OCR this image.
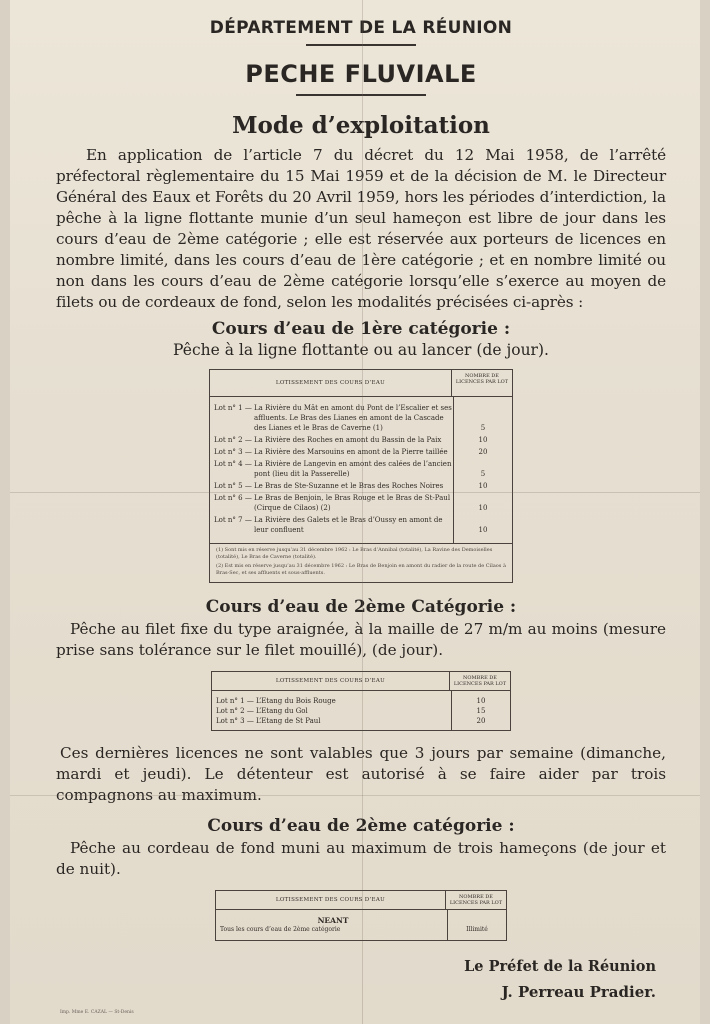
DÉPARTEMENT DE LA RÉUNION
PECHE FLUVIALE
Mode d’exploitation

En application de l’article 7 du décret du 12 Mai 1958, de l’arrêté préfectoral règlementaire du 15 Mai 1959 et de la décision de M. le Directeur Général des Eaux et Forêts du 20 Avril 1959, hors les périodes d’interdiction, la pêche à la ligne flottante munie d’un seul hameçon est libre de jour dans les cours d’eau de 2ème catégorie ; elle est réservée aux porteurs de licences en nombre limité, dans les cours d’eau de 1ère catégorie ; et en nombre limité ou non dans les cours d’eau de 2ème catégorie lorsqu’elle s’exerce au moyen de filets ou de cordeaux de fond, selon les modalités précisées ci-après :

Cours d’eau de 1ère catégorie :
Pêche à la ligne flottante ou au lancer (de jour).
LOTISSEMENT DES COURS D’EAU
NOMBRE DE LICENCES PAR LOT
Lot n° 1 — La Rivière du Mât en amont du Pont de l’Escalier et ses affluents. Le Bras des Lianes en amont de la Cascade des Lianes et le Bras de Caverne (1)	5
Lot n° 2 — La Rivière des Roches en amont du Bassin de la Paix	10
Lot n° 3 — La Rivière des Marsouins en amont de la Pierre taillée	20
Lot n° 4 — La Rivière de Langevin en amont des calées de l’ancien pont (lieu dit la Passerelle)	5
Lot n° 5 — Le Bras de Ste-Suzanne et le Bras des Roches Noires	10
Lot n° 6 — Le Bras de Benjoin, le Bras Rouge et le Bras de St-Paul (Cirque de Cilaos) (2)	10
Lot n° 7 — La Rivière des Galets et le Bras d’Oussy en amont de leur confluent	10
(1) Sont mis en réserve jusqu’au 31 décembre 1962 : Le Bras d’Annibal (totalité), La Ravine des Demoiselles (totalité), Le Bras de Caverne (totalité).
(2) Est mis en réserve jusqu’au 31 décembre 1962 : Le Bras de Benjoin en amont du radier de la route de Cilaos à Bras-Sec, et ses affluents et sous-affluents.
Cours d’eau de 2ème Catégorie :

Pêche au filet fixe du type araignée, à la maille de 27 m/m au moins (mesure prise sans tolérance sur le filet mouillé), (de jour).

LOTISSEMENT DES COURS D’EAU	NOMBRE DE LICENCES PAR LOT
Lot n° 1 — L’Etang du Bois Rouge	10
Lot n° 2 — L’Etang du Gol	15
Lot n° 3 — L’Etang de St Paul	20

Ces dernières licences ne sont valables que 3 jours par semaine (dimanche, mardi et jeudi). Le détenteur est autorisé à se faire aider par trois compagnons au maximum.

Cours d’eau de 2ème catégorie :

Pêche au cordeau de fond muni au maximum de trois hameçons (de jour et de nuit).

LOTISSEMENT DES COURS D’EAU	NOMBRE DE LICENCES PAR LOT
NEANT
Tous les cours d’eau de 2ème catégorie	Illimité
Le Préfet de la Réunion
J. Perreau Pradier.
Imp. Mme E. CAZAL — St-Denis
